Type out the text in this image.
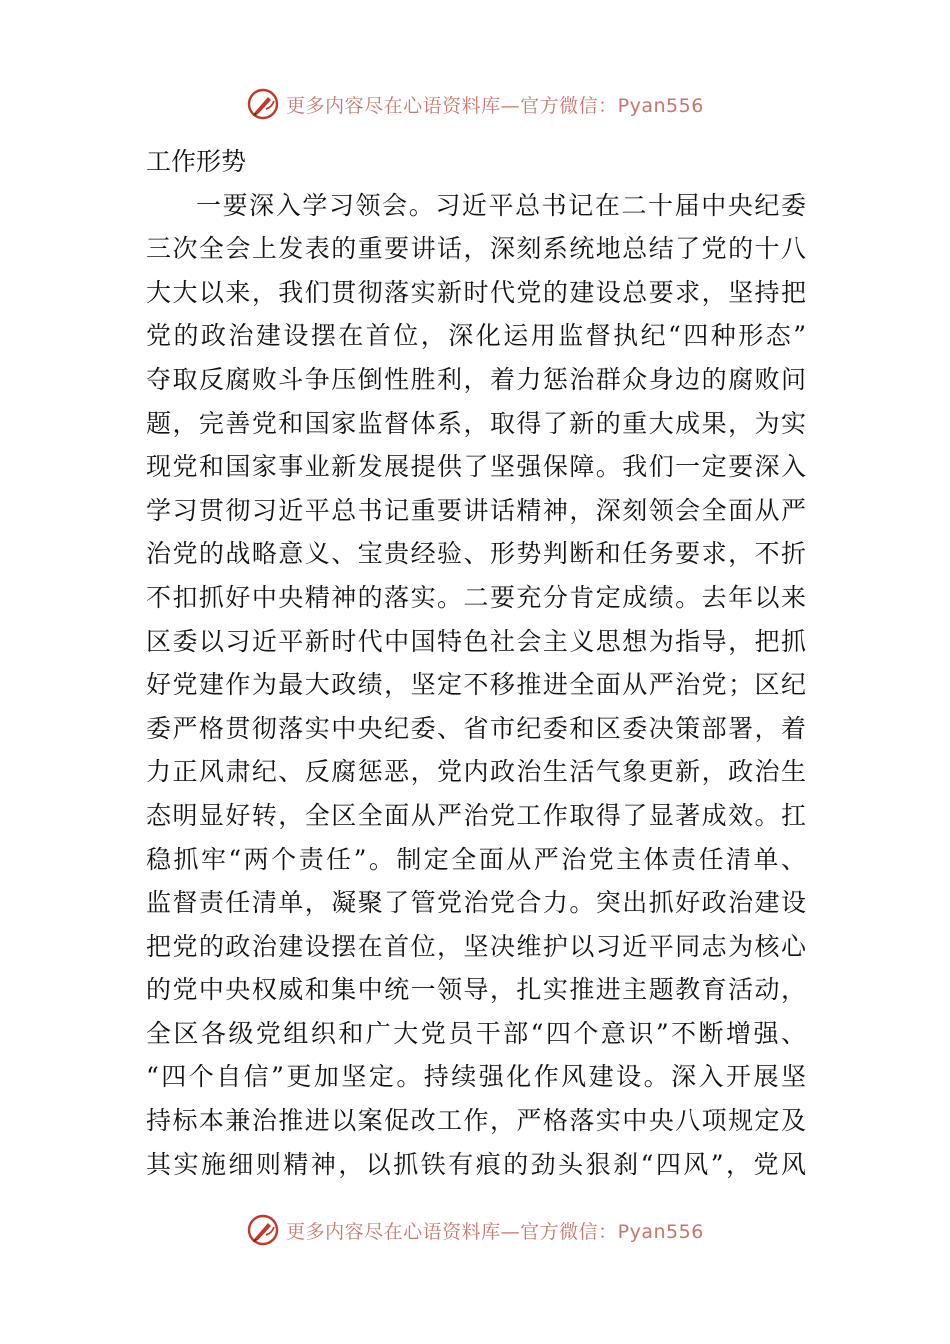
更多内容尽在心语资料库—官方微信：Pyan556
工作形势
一要深入学习领会。习近平总书记在二十届中央纪委
三次全会上发表的重要讲话，深刻系统地总结了党的十八
大大以来，我们贯彻落实新时代党的建设总要求，坚持把
党的政治建设摆在首位，深化运用监督执纪“四种形态”
夺取反腐败斗争压倒性胜利，着力惩治群众身边的腐败问
题，完善党和国家监督体系，取得了新的重大成果，为实
现党和国家事业新发展提供了坚强保障。我们一定要深入
学习贯彻习近平总书记重要讲话精神，深刻领会全面从严
治党的战略意义、宝贵经验、形势判断和任务要求，不折
不扣抓好中央精神的落实。二要充分肯定成绩。去年以来
区委以习近平新时代中国特色社会主义思想为指导，把抓
好党建作为最大政绩，坚定不移推进全面从严治党；区纪
委严格贯彻落实中央纪委、省市纪委和区委决策部署，着
力正风肃纪、反腐惩恶，党内政治生活气象更新，政治生
态明显好转，全区全面从严治党工作取得了显著成效。扛
稳抓牢“两个责任”。制定全面从严治党主体责任清单、
监督责任清单，凝聚了管党治党合力。突出抓好政治建设
把党的政治建设摆在首位，坚决维护以习近平同志为核心
的党中央权威和集中统一领导，扎实推进主题教育活动，
全区各级党组织和广大党员干部“四个意识”不断增强、
“四个自信”更加坚定。持续强化作风建设。深入开展坚
持标本兼治推进以案促改工作，严格落实中央八项规定及
其实施细则精神，以抓铁有痕的劲头狠刹“四风”，党风
更多内容尽在心语资料库—官方微信：Pyan556
